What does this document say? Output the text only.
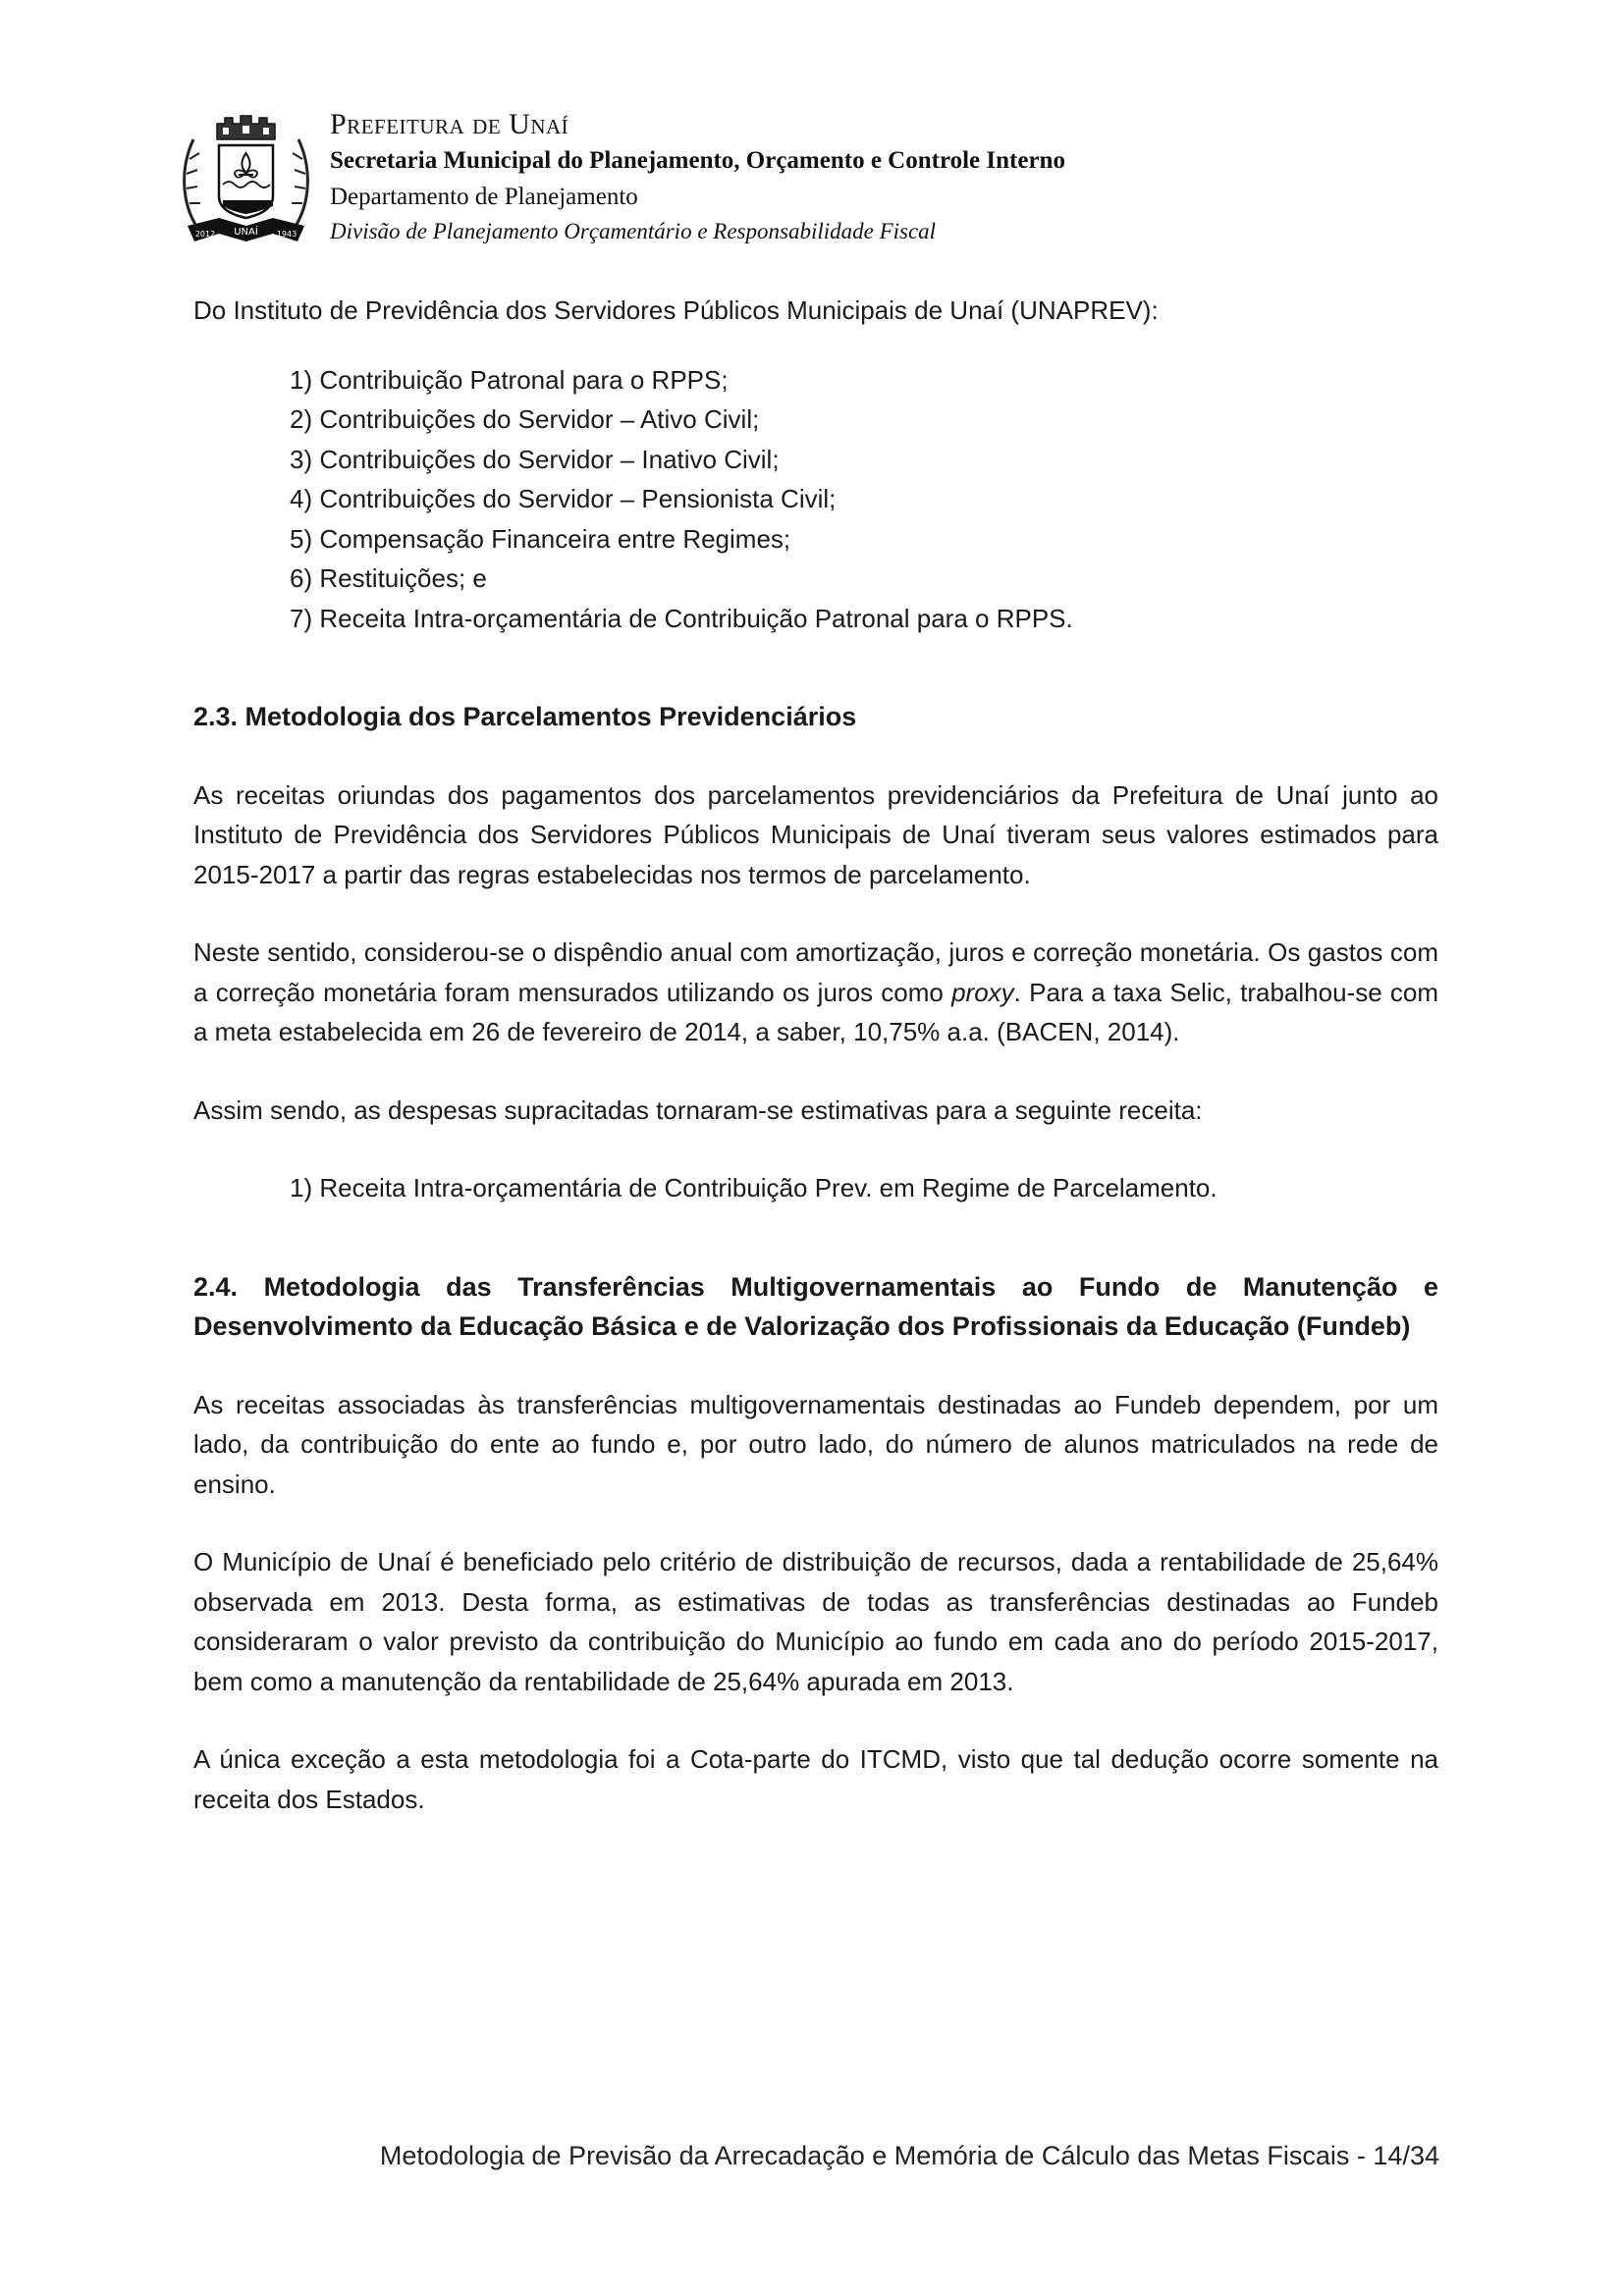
UNAÍ
2012	1943
Prefeitura de Unaí
Secretaria Municipal do Planejamento, Orçamento e Controle Interno
Departamento de Planejamento
Divisão de Planejamento Orçamentário e Responsabilidade Fiscal

Do Instituto de Previdência dos Servidores Públicos Municipais de Unaí (UNAPREV):

1) Contribuição Patronal para o RPPS;
2) Contribuições do Servidor – Ativo Civil;
3) Contribuições do Servidor – Inativo Civil;
4) Contribuições do Servidor – Pensionista Civil;
5) Compensação Financeira entre Regimes;
6) Restituições; e
7) Receita Intra-orçamentária de Contribuição Patronal para o RPPS.
2.3. Metodologia dos Parcelamentos Previdenciários

As receitas oriundas dos pagamentos dos parcelamentos previdenciários da Prefeitura de Unaí junto ao Instituto de Previdência dos Servidores Públicos Municipais de Unaí tiveram seus valores estimados para 2015-2017 a partir das regras estabelecidas nos termos de parcelamento.

Neste sentido, considerou-se o dispêndio anual com amortização, juros e correção monetária. Os gastos com a correção monetária foram mensurados utilizando os juros como proxy. Para a taxa Selic, trabalhou-se com a meta estabelecida em 26 de fevereiro de 2014, a saber, 10,75% a.a. (BACEN, 2014).

Assim sendo, as despesas supracitadas tornaram-se estimativas para a seguinte receita:

1) Receita Intra-orçamentária de Contribuição Prev. em Regime de Parcelamento.
2.4. Metodologia das Transferências Multigovernamentais ao Fundo de Manutenção e Desenvolvimento da Educação Básica e de Valorização dos Profissionais da Educação (Fundeb)

As receitas associadas às transferências multigovernamentais destinadas ao Fundeb dependem, por um lado, da contribuição do ente ao fundo e, por outro lado, do número de alunos matriculados na rede de ensino.

O Município de Unaí é beneficiado pelo critério de distribuição de recursos, dada a rentabilidade de 25,64% observada em 2013. Desta forma, as estimativas de todas as transferências destinadas ao Fundeb consideraram o valor previsto da contribuição do Município ao fundo em cada ano do período 2015-2017, bem como a manutenção da rentabilidade de 25,64% apurada em 2013.

A única exceção a esta metodologia foi a Cota-parte do ITCMD, visto que tal dedução ocorre somente na receita dos Estados.

Metodologia de Previsão da Arrecadação e Memória de Cálculo das Metas Fiscais - 14/34
